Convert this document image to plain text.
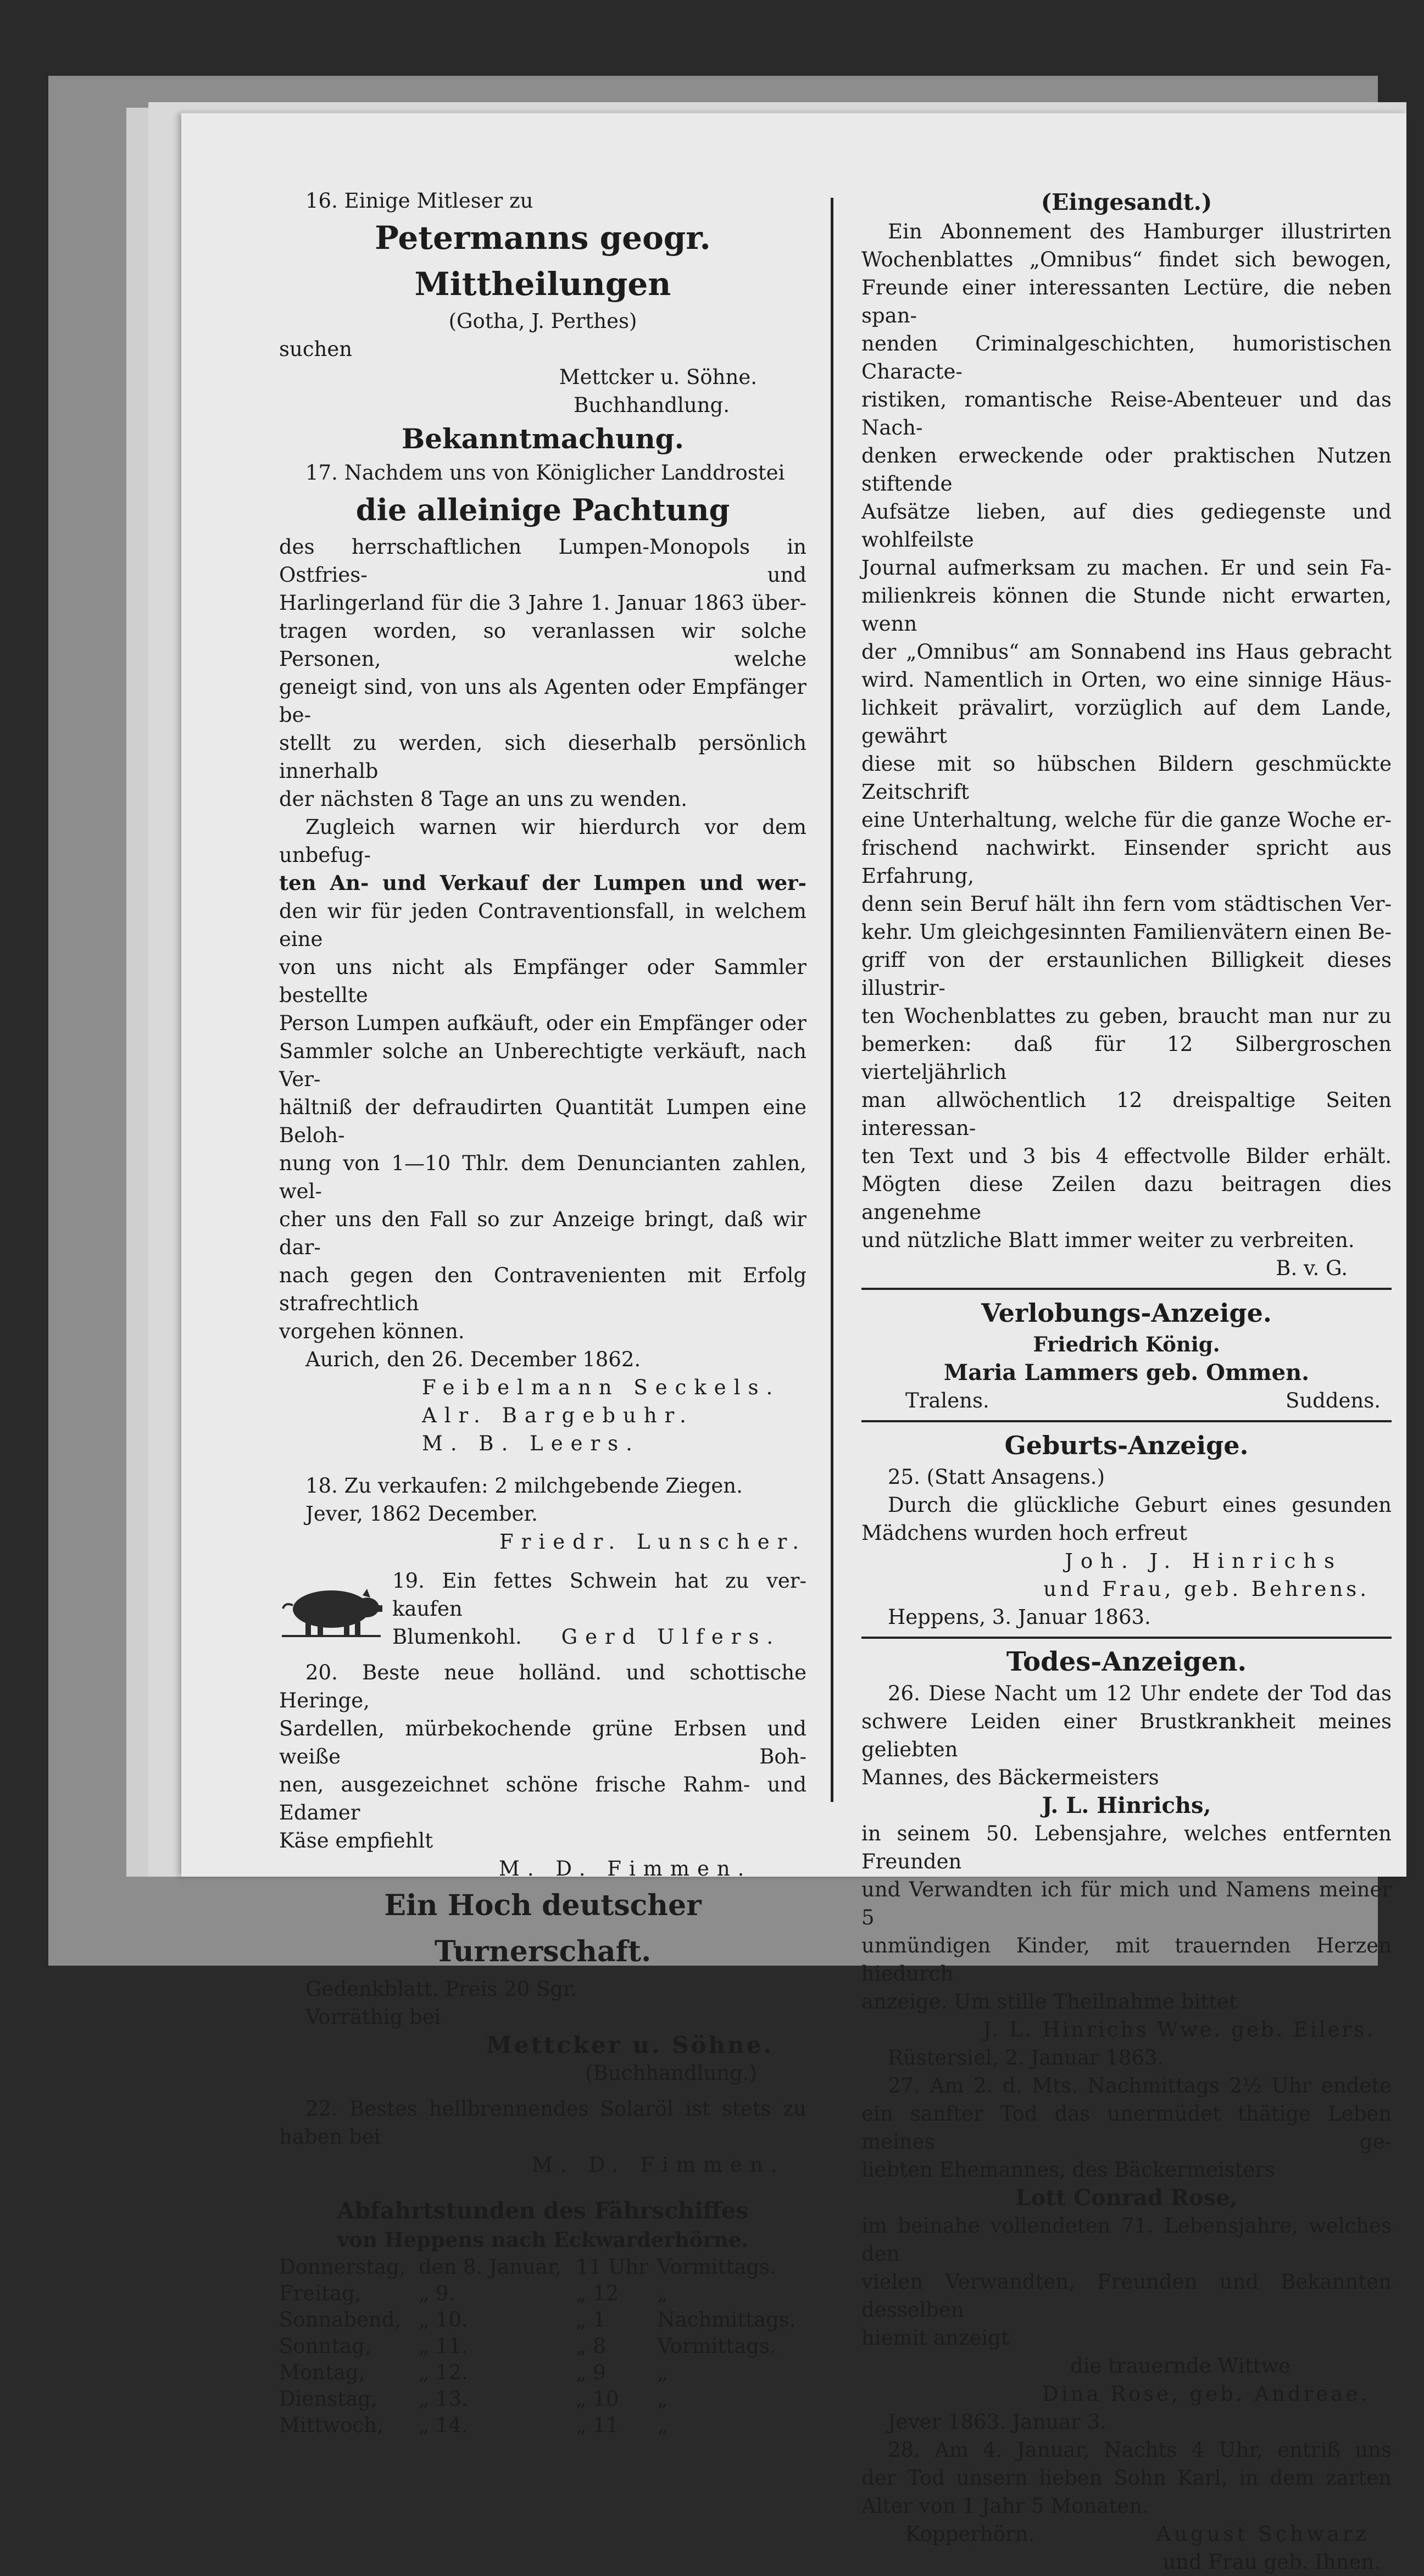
16. Einige Mitleser zu

Petermanns geogr. Mittheilungen

(Gotha, J. Perthes)

suchen

Mettcker u. Söhne.

Buchhandlung.

Bekanntmachung.

17. Nachdem uns von Königlicher Landdrostei

die alleinige Pachtung

des herrschaftlichen Lumpen-Monopols in Ostfries- und

Harlingerland für die 3 Jahre 1. Januar 1863 über-

tragen worden, so veranlassen wir solche Personen, welche

geneigt sind, von uns als Agenten oder Empfänger be-

stellt zu werden, sich dieserhalb persönlich innerhalb

der nächsten 8 Tage an uns zu wenden.

Zugleich warnen wir hierdurch vor dem unbefug-

ten An- und Verkauf der Lumpen und wer-

den wir für jeden Contraventionsfall, in welchem eine

von uns nicht als Empfänger oder Sammler bestellte

Person Lumpen aufkäuft, oder ein Empfänger oder

Sammler solche an Unberechtigte verkäuft, nach Ver-

hältniß der defraudirten Quantität Lumpen eine Beloh-

nung von 1—10 Thlr. dem Denuncianten zahlen, wel-

cher uns den Fall so zur Anzeige bringt, daß wir dar-

nach gegen den Contravenienten mit Erfolg strafrechtlich

vorgehen können.

Aurich, den 26. December 1862.

Feibelmann Seckels.

Alr. Bargebuhr.

M. B. Leers.

18. Zu verkaufen: 2 milchgebende Ziegen.

Jever, 1862 December.

Friedr. Lunscher.

19. Ein fettes Schwein hat zu ver-

kaufen

Blumenkohl. Gerd Ulfers.

20. Beste neue holländ. und schottische Heringe,

Sardellen, mürbekochende grüne Erbsen und weiße Boh-

nen, ausgezeichnet schöne frische Rahm- und Edamer

Käse empfiehlt

M. D. Fimmen.

Ein Hoch deutscher Turnerschaft.

Gedenkblatt. Preis 20 Sgr.

Vorräthig bei

Mettcker u. Söhne.

(Buchhandlung.)

22. Bestes hellbrennendes Solaröl ist stets zu

haben bei

M. D. Fimmen.

Abfahrtstunden des Fährschiffes

von Heppens nach Eckwarderhörne.

Donnerstag,	den 8. Januar,	11 Uhr	Vormittags.
Freitag,	„ 9.	„ 12	„
Sonnabend,	„ 10.	„ 1	Nachmittags.
Sonntag,	„ 11.	„ 8	Vormittags.
Montag,	„ 12.	„ 9	„
Dienstag,	„ 13.	„ 10	„
Mittwoch,	„ 14.	„ 11	„

(Eingesandt.)

Ein Abonnement des Hamburger illustrirten

Wochenblattes „Omnibus“ findet sich bewogen,

Freunde einer interessanten Lectüre, die neben span-

nenden Criminalgeschichten, humoristischen Characte-

ristiken, romantische Reise-Abenteuer und das Nach-

denken erweckende oder praktischen Nutzen stiftende

Aufsätze lieben, auf dies gediegenste und wohlfeilste

Journal aufmerksam zu machen. Er und sein Fa-

milienkreis können die Stunde nicht erwarten, wenn

der „Omnibus“ am Sonnabend ins Haus gebracht

wird. Namentlich in Orten, wo eine sinnige Häus-

lichkeit prävalirt, vorzüglich auf dem Lande, gewährt

diese mit so hübschen Bildern geschmückte Zeitschrift

eine Unterhaltung, welche für die ganze Woche er-

frischend nachwirkt. Einsender spricht aus Erfahrung,

denn sein Beruf hält ihn fern vom städtischen Ver-

kehr. Um gleichgesinnten Familienvätern einen Be-

griff von der erstaunlichen Billigkeit dieses illustrir-

ten Wochenblattes zu geben, braucht man nur zu

bemerken: daß für 12 Silbergroschen vierteljährlich

man allwöchentlich 12 dreispaltige Seiten interessan-

ten Text und 3 bis 4 effectvolle Bilder erhält.

Mögten diese Zeilen dazu beitragen dies angenehme

und nützliche Blatt immer weiter zu verbreiten.

B. v. G.

Verlobungs-Anzeige.

Friedrich König.

Maria Lammers geb. Ommen.

Tralens.	Suddens.

Geburts-Anzeige.

25. (Statt Ansagens.)

Durch die glückliche Geburt eines gesunden

Mädchens wurden hoch erfreut

Joh. J. Hinrichs

und Frau, geb. Behrens.

Heppens, 3. Januar 1863.

Todes-Anzeigen.

26. Diese Nacht um 12 Uhr endete der Tod das

schwere Leiden einer Brustkrankheit meines geliebten

Mannes, des Bäckermeisters

J. L. Hinrichs,

in seinem 50. Lebensjahre, welches entfernten Freunden

und Verwandten ich für mich und Namens meiner 5

unmündigen Kinder, mit trauernden Herzen hiedurch

anzeige. Um stille Theilnahme bittet

J. L. Hinrichs Wwe. geb. Eilers.

Rüstersiel, 2. Januar 1863.

27. Am 2. d. Mts. Nachmittags 2½ Uhr endete

ein sanfter Tod das unermüdet thätige Leben meines ge-

liebten Ehemannes, des Bäckermeisters

Lott Conrad Rose,

im beinahe vollendeten 71. Lebensjahre, welches den

vielen Verwandten, Freunden und Bekannten desselben

hiemit anzeigt

die trauernde Wittwe

Dina Rose, geb. Andreae.

Jever 1863. Januar 3.

28. Am 4. Januar, Nachts 4 Uhr, entriß uns

der Tod unsern lieben Sohn Karl, in dem zarten

Alter von 1 Jahr 5 Monaten.

Kopperhörn.	August Schwarz

und Frau geb. Ihnen.
